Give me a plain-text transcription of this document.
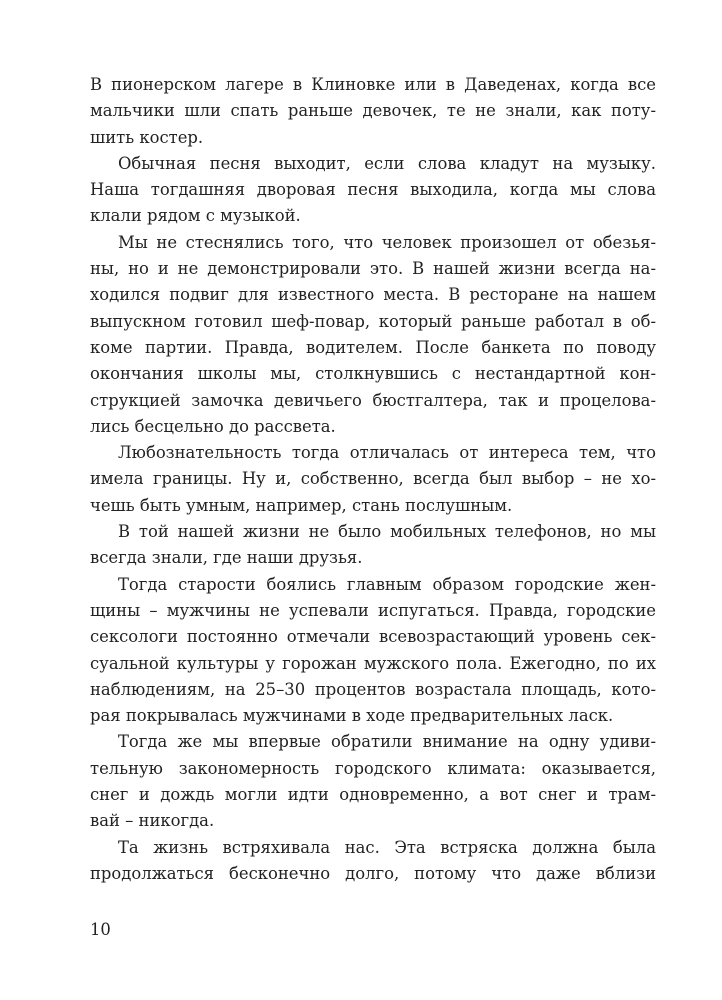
В пионерском лагере в Клиновке или в Даведенах, когда все
мальчики шли спать раньше девочек, те не знали, как поту-
шить костер.
Обычная песня выходит, если слова кладут на музыку.
Наша тогдашняя дворовая песня выходила, когда мы слова
клали рядом с музыкой.
Мы не стеснялись того, что человек произошел от обезья-
ны, но и не демонстрировали это. В нашей жизни всегда на-
ходился подвиг для известного места. В ресторане на нашем
выпускном готовил шеф-повар, который раньше работал в об-
коме партии. Правда, водителем. После банкета по поводу
окончания школы мы, столкнувшись с нестандартной кон-
струкцией замочка девичьего бюстгалтера, так и процелова-
лись бесцельно до рассвета.
Любознательность тогда отличалась от интереса тем, что
имела границы. Ну и, собственно, всегда был выбор – не хо-
чешь быть умным, например, стань послушным.
В той нашей жизни не было мобильных телефонов, но мы
всегда знали, где наши друзья.
Тогда старости боялись главным образом городские жен-
щины – мужчины не успевали испугаться. Правда, городские
сексологи постоянно отмечали всевозрастающий уровень сек-
суальной культуры у горожан мужского пола. Ежегодно, по их
наблюдениям, на 25–30 процентов возрастала площадь, кото-
рая покрывалась мужчинами в ходе предварительных ласк.
Тогда же мы впервые обратили внимание на одну удиви-
тельную закономерность городского климата: оказывается,
снег и дождь могли идти одновременно, а вот снег и трам-
вай – никогда.
Та жизнь встряхивала нас. Эта встряска должна была
продолжаться бесконечно долго, потому что даже вблизи
10
